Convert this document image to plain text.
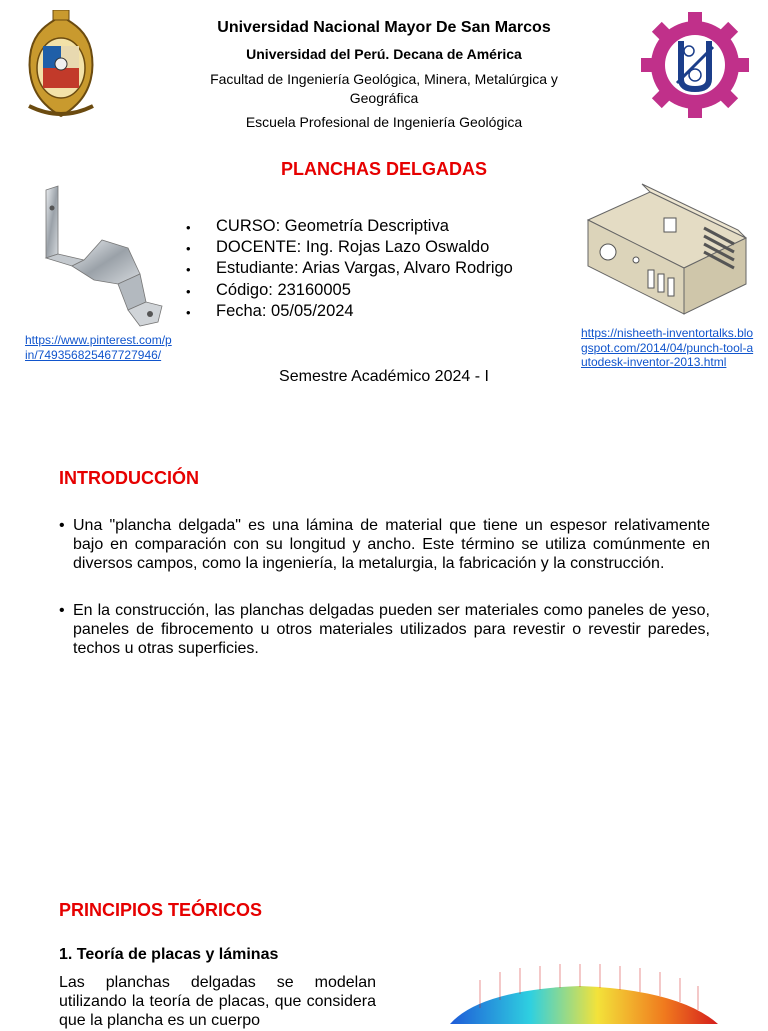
Universidad Nacional Mayor De San Marcos
Universidad del Perú. Decana de América
Facultad de Ingeniería Geológica, Minera, Metalúrgica y Geográfica
Escuela Profesional de Ingeniería Geológica
PLANCHAS DELGADAS
• CURSO: Geometría Descriptiva
• DOCENTE: Ing. Rojas Lazo Oswaldo
• Estudiante: Arias Vargas, Alvaro Rodrigo
• Código: 23160005
• Fecha: 05/05/2024
https://www.pinterest.com/pin/749356825467727946/
https://nisheeth-inventortalks.blogspot.com/2014/04/punch-tool-autodesk-inventor-2013.html
Semestre Académico 2024 - I
INTRODUCCIÓN
• Una "plancha delgada" es una lámina de material que tiene un espesor relativamente bajo en comparación con su longitud y ancho. Este término se utiliza comúnmente en diversos campos, como la ingeniería, la metalurgia, la fabricación y la construcción.
• En la construcción, las planchas delgadas pueden ser materiales como paneles de yeso, paneles de fibrocemento u otros materiales utilizados para revestir o revestir paredes, techos u otras superficies.
PRINCIPIOS TEÓRICOS
1. Teoría de placas y láminas
Las planchas delgadas se modelan utilizando la teoría de placas, que considera que la plancha es un cuerpo
